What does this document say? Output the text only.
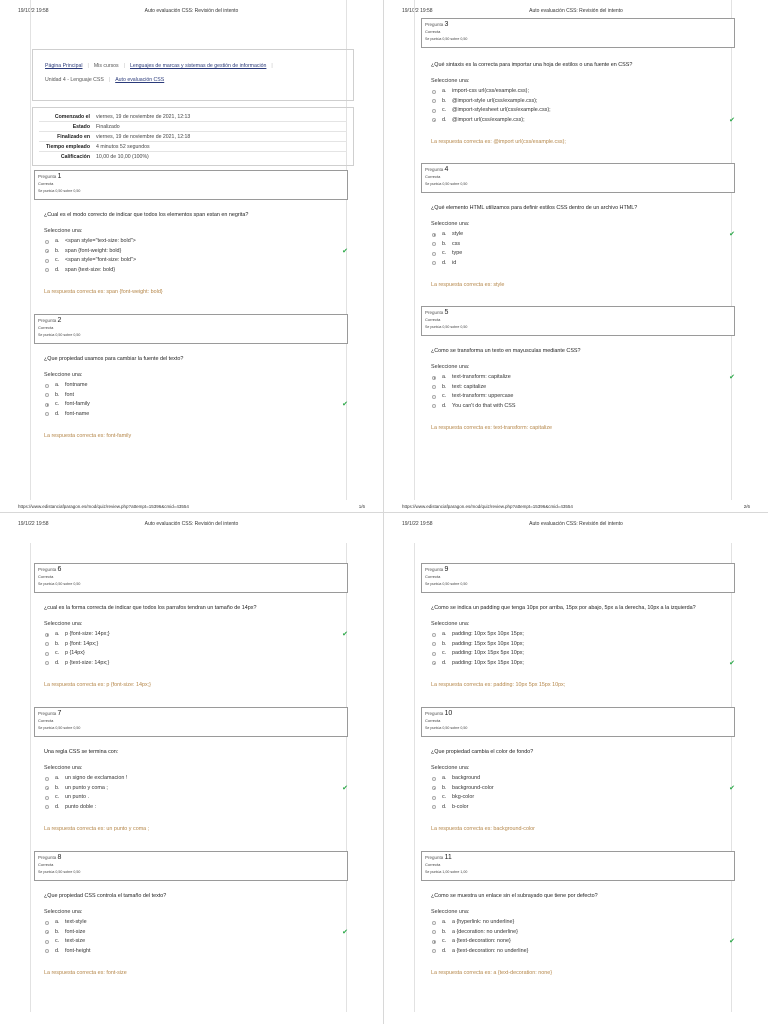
19/1/22 19:58	Auto evaluación CSS: Revisión del intento
Página Principal | Mis cursos | Lenguajes de marcas y sistemas de gestión de información |
Unidad 4 - Lenguaje CSS | Auto evaluación CSS
Comenzado el	viernes, 19 de noviembre de 2021, 12:13
Estado	Finalizado
Finalizado en	viernes, 19 de noviembre de 2021, 12:18
Tiempo empleado	4 minutos 52 segundos
Calificación	10,00 de 10,00 (100%)
https://www.edistanciafparagon.es/mod/quiz/review.php?attempt=15396&cmid=43554	1/6
Pregunta 1
Correcta
Se puntúa 0,50 sobre 0,50
¿Cual es el modo correcto de indicar que todos los elementos span estan en negrita?
Seleccione una:
a. <span style="text-size: bold">
b. span {font-weight: bold}	✔
c. <span style="font-size: bold">
d. span {text-size: bold}
La respuesta correcta es: span {font-weight: bold}
Pregunta 2
Correcta
Se puntúa 0,50 sobre 0,50
¿Que propiedad usamos para cambiar la fuente del texto?
Seleccione una:
a. fontname
b. font
c. font-family	✔
d. font-name
La respuesta correcta es: font-family
19/1/22 19:58	Auto evaluación CSS: Revisión del intento
https://www.edistanciafparagon.es/mod/quiz/review.php?attempt=15396&cmid=43554	2/6
Pregunta 3
Correcta
Se puntúa 0,50 sobre 0,50
¿Qué sintaxis es la correcta para importar una hoja de estilos o una fuente en CSS?
Seleccione una:
a. import-css url(css/example.css);
b. @import-style url(css/example.css);
c. @import-stylesheet url(css/example.css);
d. @import url(css/example.css);	✔
La respuesta correcta es: @import url(css/example.css);
Pregunta 4
Correcta
Se puntúa 0,50 sobre 0,50
¿Qué elemento HTML utilizamos para definir estilos CSS dentro de un archivo HTML?
Seleccione una:
a. style	✔
b. css
c. type
d. id
La respuesta correcta es: style
Pregunta 5
Correcta
Se puntúa 0,50 sobre 0,50
¿Como se transforma un texto en mayusculas mediante CSS?
Seleccione una:
a. text-transform: capitalize	✔
b. text: capitalize
c. text-transform: uppercase
d. You can't do that with CSS
La respuesta correcta es: text-transform: capitalize
19/1/22 19:58	Auto evaluación CSS: Revisión del intento
Pregunta 6
Correcta
Se puntúa 0,50 sobre 0,50
¿cual es la forma correcta de indicar que todos los parrafos tendran un tamaño de 14px?
Seleccione una:
a. p {font-size: 14px;}	✔
b. p {font: 14px;}
c. p {14px}
d. p {text-size: 14px;}
La respuesta correcta es: p {font-size: 14px;}
Pregunta 7
Correcta
Se puntúa 0,50 sobre 0,50
Una regla CSS se termina con:
Seleccione una:
a. un signo de exclamacion !
b. un punto y coma ;	✔
c. un punto .
d. punto doble :
La respuesta correcta es: un punto y coma ;
Pregunta 8
Correcta
Se puntúa 0,50 sobre 0,50
¿Que propiedad CSS controla el tamaño del texto?
Seleccione una:
a. text-style
b. font-size	✔
c. text-size
d. font-height
La respuesta correcta es: font-size
19/1/22 19:58	Auto evaluación CSS: Revisión del intento
Pregunta 9
Correcta
Se puntúa 0,50 sobre 0,50
¿Como se indica un padding que tenga 10px por arriba, 15px por abajo, 5px a la derecha, 10px a la izquierda?
Seleccione una:
a. padding: 10px 5px 10px 15px;
b. padding: 15px 5px 10px 10px;
c. padding: 10px 15px 5px 10px;
d. padding: 10px 5px 15px 10px;	✔
La respuesta correcta es: padding: 10px 5px 15px 10px;
Pregunta 10
Correcta
Se puntúa 0,50 sobre 0,50
¿Que propiedad cambia el color de fondo?
Seleccione una:
a. background
b. background-color	✔
c. bkg-color
d. b-color
La respuesta correcta es: background-color
Pregunta 11
Correcta
Se puntúa 1,00 sobre 1,00
¿Como se muestra un enlace sin el subrayado que tiene por defecto?
Seleccione una:
a. a {hyperlink: no underline}
b. a {decoration: no underline}
c. a {text-decoration: none}	✔
d. a {text-decoration: no underline}
La respuesta correcta es: a {text-decoration: none}
